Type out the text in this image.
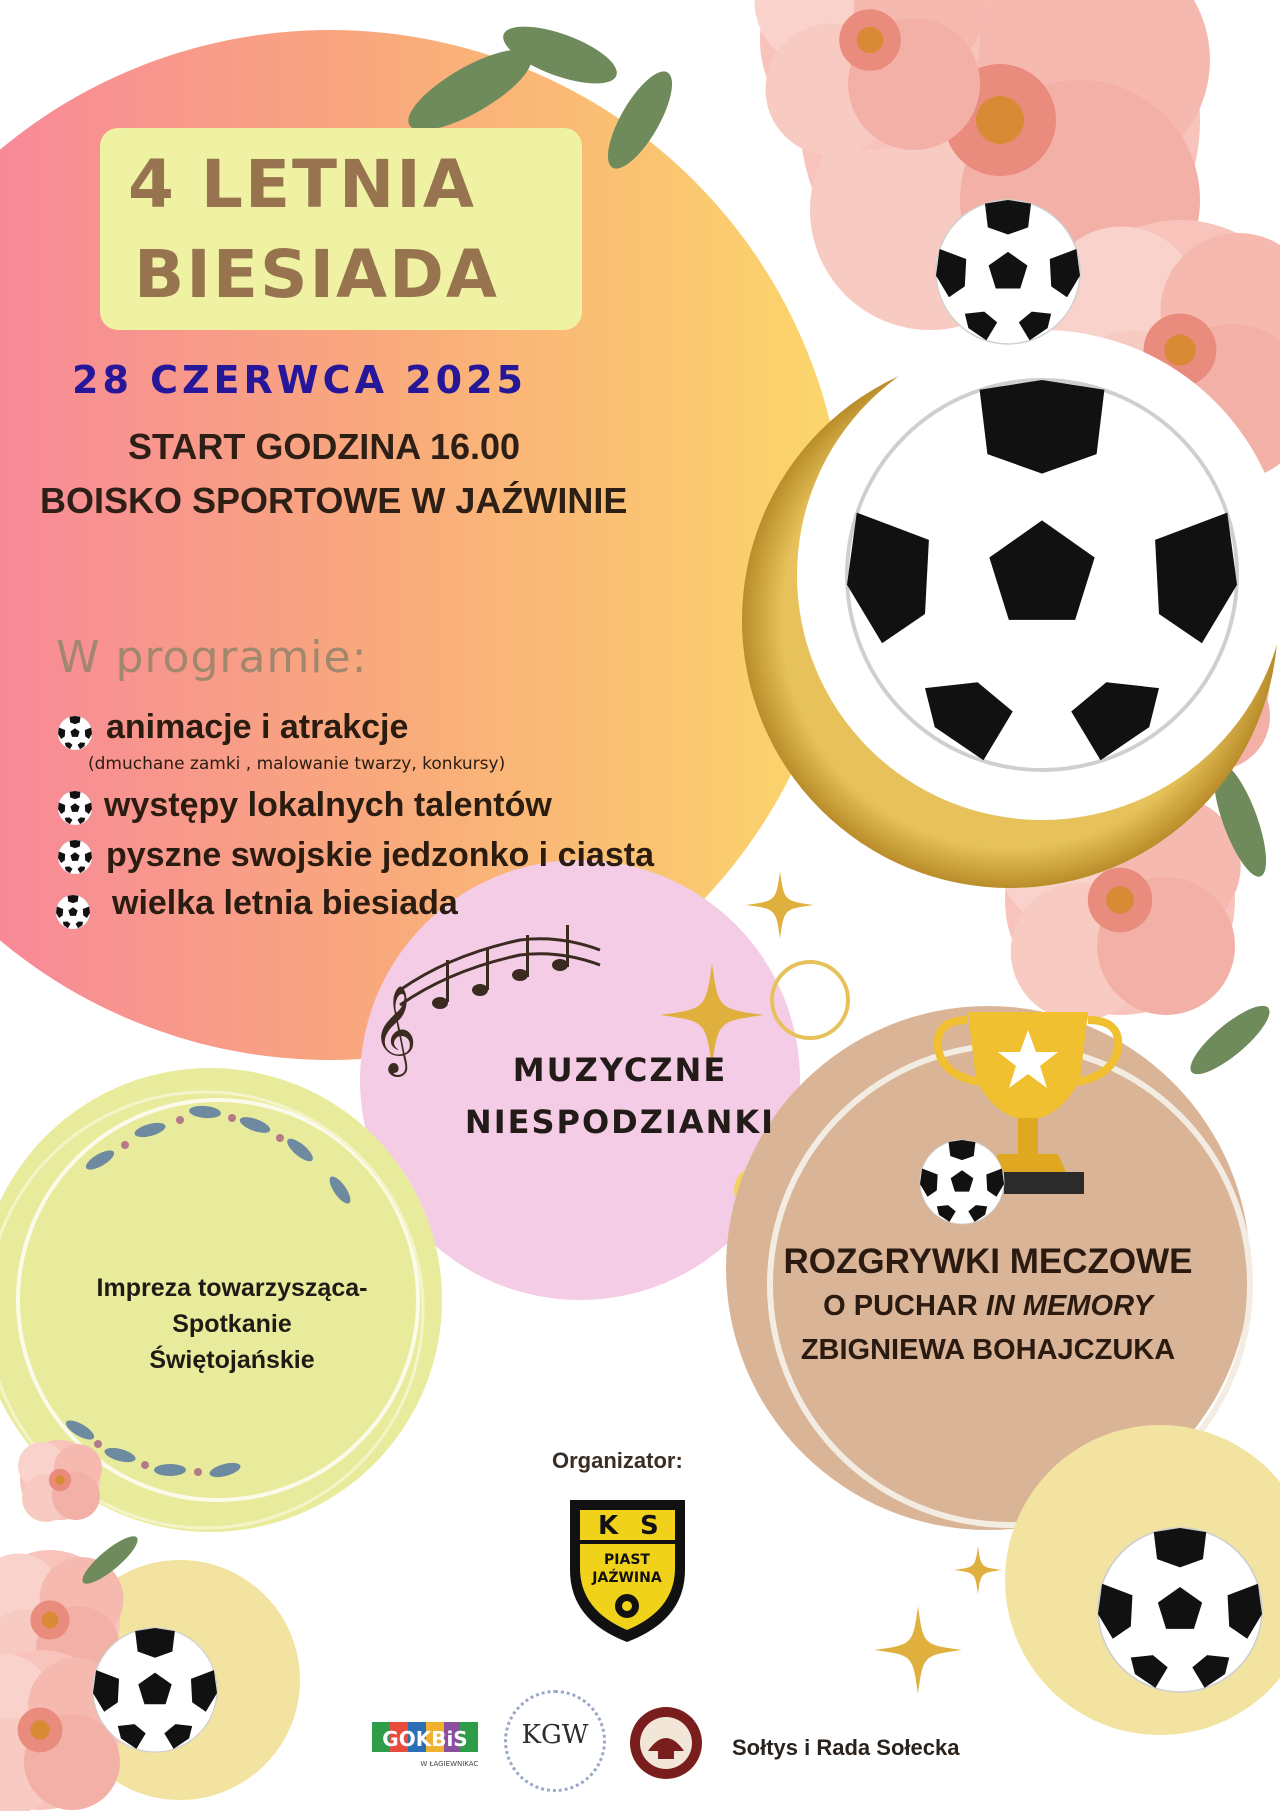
𝄞
K S
PIAST
JAŹWINA
4 LETNIA
BIESIADA
28 CZERWCA 2025
START GODZINA 16.00
BOISKO SPORTOWE W JAŹWINIE
W programie:
animacje i atrakcje
(dmuchane zamki , malowanie twarzy, konkursy)
występy lokalnych talentów
pyszne swojskie jedzonko i ciasta
wielka letnia biesiada
MUZYCZNE
NIESPODZIANKI
Impreza towarzysząca-
Spotkanie
Świętojańskie
ROZGRYWKI MECZOWE
O PUCHAR IN MEMORY
ZBIGNIEWA BOHAJCZUKA
Organizator:
GOKBiS
W ŁAGIEWNIKACH
KGW	Sołtys i Rada Sołecka
